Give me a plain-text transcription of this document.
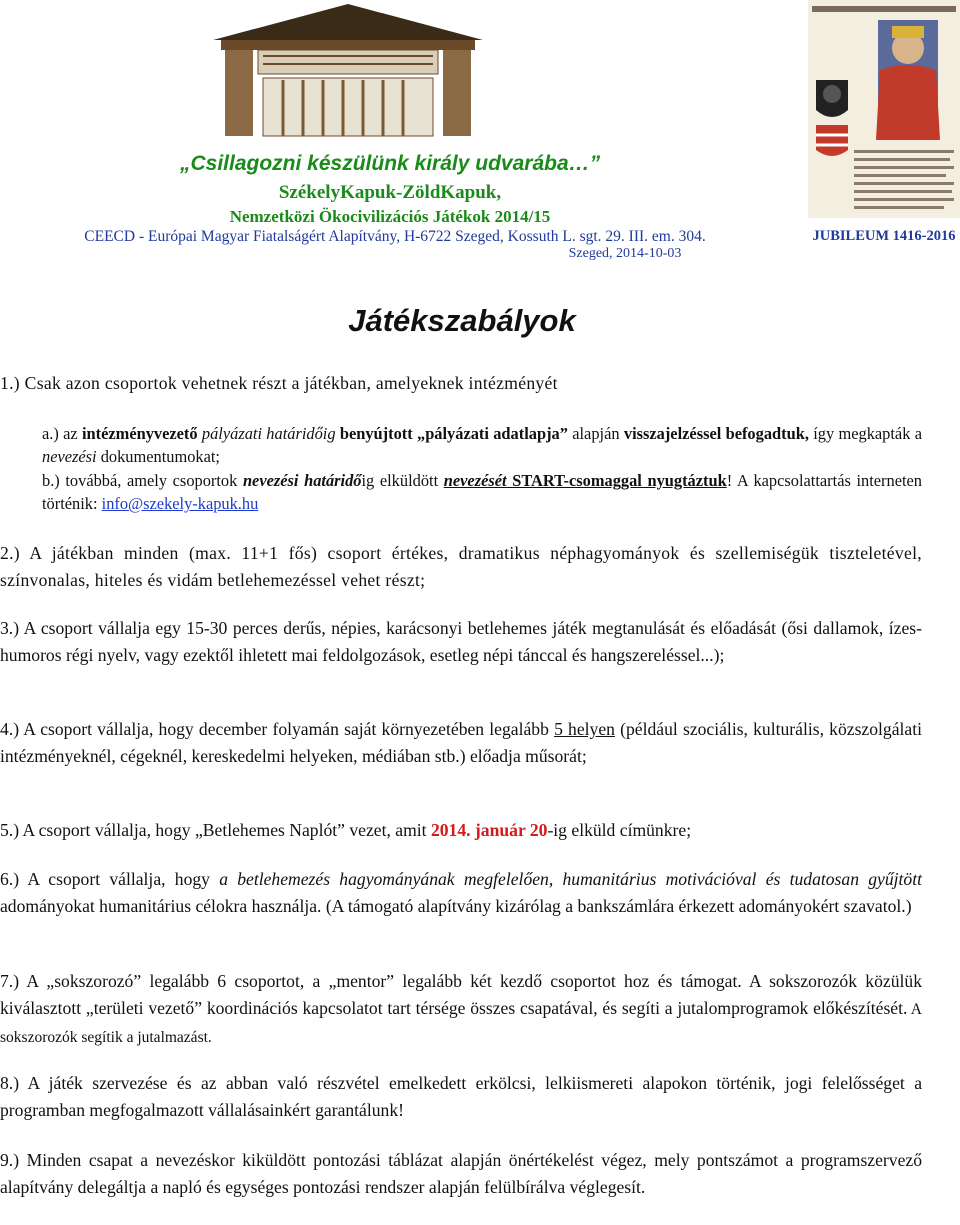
„Csillagozni készülünk király udvarába…”
SzékelyKapuk-ZöldKapuk,
Nemzetközi Ökocivilizációs Játékok 2014/15
CEECD - Európai Magyar Fiatalságért Alapítvány, H-6722 Szeged, Kossuth L. sgt. 29. III. em. 304.
Szeged, 2014-10-03
JUBILEUM 1416-2016
Játékszabályok
1.) Csak azon csoportok vehetnek részt a játékban, amelyeknek intézményét
a.) az intézményvezető pályázati határidőig benyújtott „pályázati adatlapja” alapján visszajelzéssel befogadtuk, így megkapták a nevezési dokumentumokat;
b.) továbbá, amely csoportok nevezési határidőig elküldött nevezését START-csomaggal nyugtáztuk! A kapcsolattartás interneten történik: info@szekely-kapuk.hu
2.) A játékban minden (max. 11+1 fős) csoport értékes, dramatikus néphagyományok és szellemiségük tiszteletével, színvonalas, hiteles és vidám betlehemezéssel vehet részt;
3.) A csoport vállalja egy 15-30 perces derűs, népies, karácsonyi betlehemes játék megtanulását és előadását (ősi dallamok, ízes-humoros régi nyelv, vagy ezektől ihletett mai feldolgozások, esetleg népi tánccal és hangszereléssel...);
4.) A csoport vállalja, hogy december folyamán saját környezetében legalább 5 helyen (például szociális, kulturális, közszolgálati intézményeknél, cégeknél, kereskedelmi helyeken, médiában stb.) előadja műsorát;
5.) A csoport vállalja, hogy „Betlehemes Naplót” vezet, amit 2014. január 20-ig elküld címünkre;
6.) A csoport vállalja, hogy a betlehemezés hagyományának megfelelően, humanitárius motivációval és tudatosan gyűjtött adományokat humanitárius célokra használja. (A támogató alapítvány kizárólag a bankszámlára érkezett adományokért szavatol.)
7.) A „sokszorozó” legalább 6 csoportot, a „mentor” legalább két kezdő csoportot hoz és támogat. A sokszorozók közülük kiválasztott „területi vezető” koordinációs kapcsolatot tart térsége összes csapatával, és segíti a jutalomprogramok előkészítését. A sokszorozók segítik a jutalmazást.
8.) A játék szervezése és az abban való részvétel emelkedett erkölcsi, lelkiismereti alapokon történik, jogi felelősséget a programban megfogalmazott vállalásainkért garantálunk!
9.) Minden csapat a nevezéskor kiküldött pontozási táblázat alapján önértékelést végez, mely pontszámot a programszervező alapítvány delegáltja a napló és egységes pontozási rendszer alapján felülbírálva véglegesít.
